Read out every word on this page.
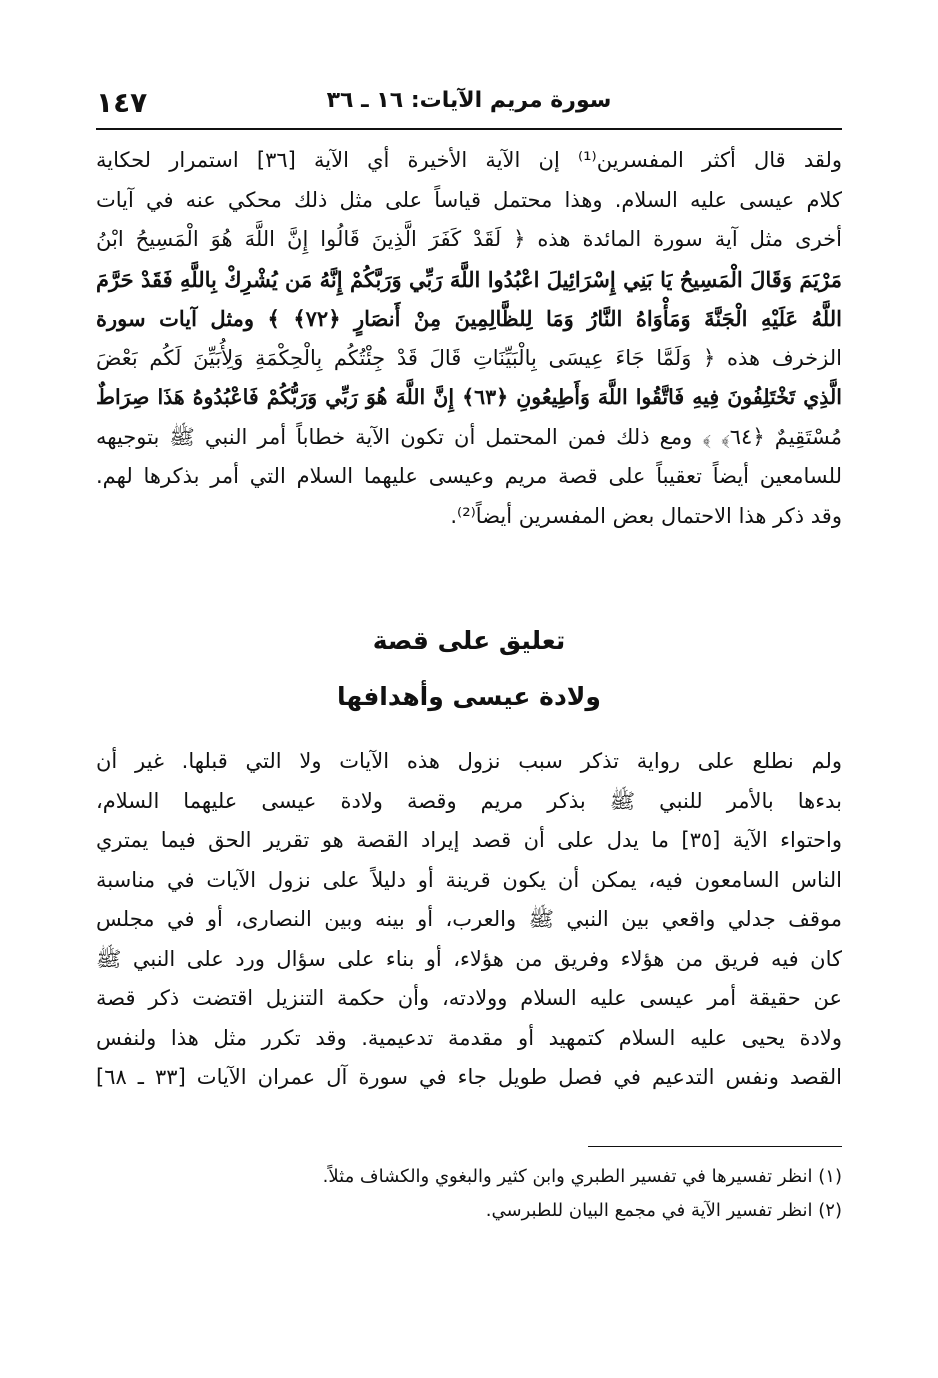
سورة مريم الآيات: ١٦ ـ ٣٦
١٤٧
ولقد قال أكثر المفسرين⁽¹⁾ إن الآية الأخيرة أي الآية [٣٦] استمرار لحكاية
كلام عيسى عليه السلام. وهذا محتمل قياساً على مثل ذلك محكي عنه في آيات
أخرى مثل آية سورة المائدة هذه ﴿ لَقَدْ كَفَرَ الَّذِينَ قَالُوا إِنَّ اللَّهَ هُوَ الْمَسِيحُ ابْنُ
مَرْيَمَ وَقَالَ الْمَسِيحُ يَا بَنِي إِسْرَائِيلَ اعْبُدُوا اللَّهَ رَبِّي وَرَبَّكُمْ إِنَّهُ مَن يُشْرِكْ بِاللَّهِ فَقَدْ حَرَّمَ
اللَّهُ عَلَيْهِ الْجَنَّةَ وَمَأْوَاهُ النَّارُ وَمَا لِلظَّالِمِينَ مِنْ أَنصَارٍ ﴿٧٢﴾ ﴾ ومثل آيات سورة
الزخرف هذه ﴿ وَلَمَّا جَاءَ عِيسَى بِالْبَيِّنَاتِ قَالَ قَدْ جِئْتُكُم بِالْحِكْمَةِ وَلِأُبَيِّنَ لَكُم بَعْضَ
الَّذِي تَخْتَلِفُونَ فِيهِ فَاتَّقُوا اللَّهَ وَأَطِيعُونِ ﴿٦٣﴾ إِنَّ اللَّهَ هُوَ رَبِّي وَرَبُّكُمْ فَاعْبُدُوهُ هَذَا صِرَاطٌ
مُسْتَقِيمٌ ﴿٦٤﴾ ﴾ ومع ذلك فمن المحتمل أن تكون الآية خطاباً أمر النبي ﷺ بتوجيهه
للسامعين أيضاً تعقيباً على قصة مريم وعيسى عليهما السلام التي أمر بذكرها لهم.
وقد ذكر هذا الاحتمال بعض المفسرين أيضاً⁽²⁾.
تعليق على قصة
ولادة عيسى وأهدافها
ولم نطلع على رواية تذكر سبب نزول هذه الآيات ولا التي قبلها. غير أن
بدءها بالأمر للنبي ﷺ بذكر مريم وقصة ولادة عيسى عليهما السلام،
واحتواء الآية [٣٥] ما يدل على أن قصد إيراد القصة هو تقرير الحق فيما يمتري
الناس السامعون فيه، يمكن أن يكون قرينة أو دليلاً على نزول الآيات في مناسبة
موقف جدلي واقعي بين النبي ﷺ والعرب، أو بينه وبين النصارى، أو في مجلس
كان فيه فريق من هؤلاء وفريق من هؤلاء، أو بناء على سؤال ورد على النبي ﷺ
عن حقيقة أمر عيسى عليه السلام وولادته، وأن حكمة التنزيل اقتضت ذكر قصة
ولادة يحيى عليه السلام كتمهيد أو مقدمة تدعيمية. وقد تكرر مثل هذا ولنفس
القصد ونفس التدعيم في فصل طويل جاء في سورة آل عمران الآيات [٣٣ ـ ٦٨]
(١) انظر تفسيرها في تفسير الطبري وابن كثير والبغوي والكشاف مثلاً.
(٢) انظر تفسير الآية في مجمع البيان للطبرسي.
